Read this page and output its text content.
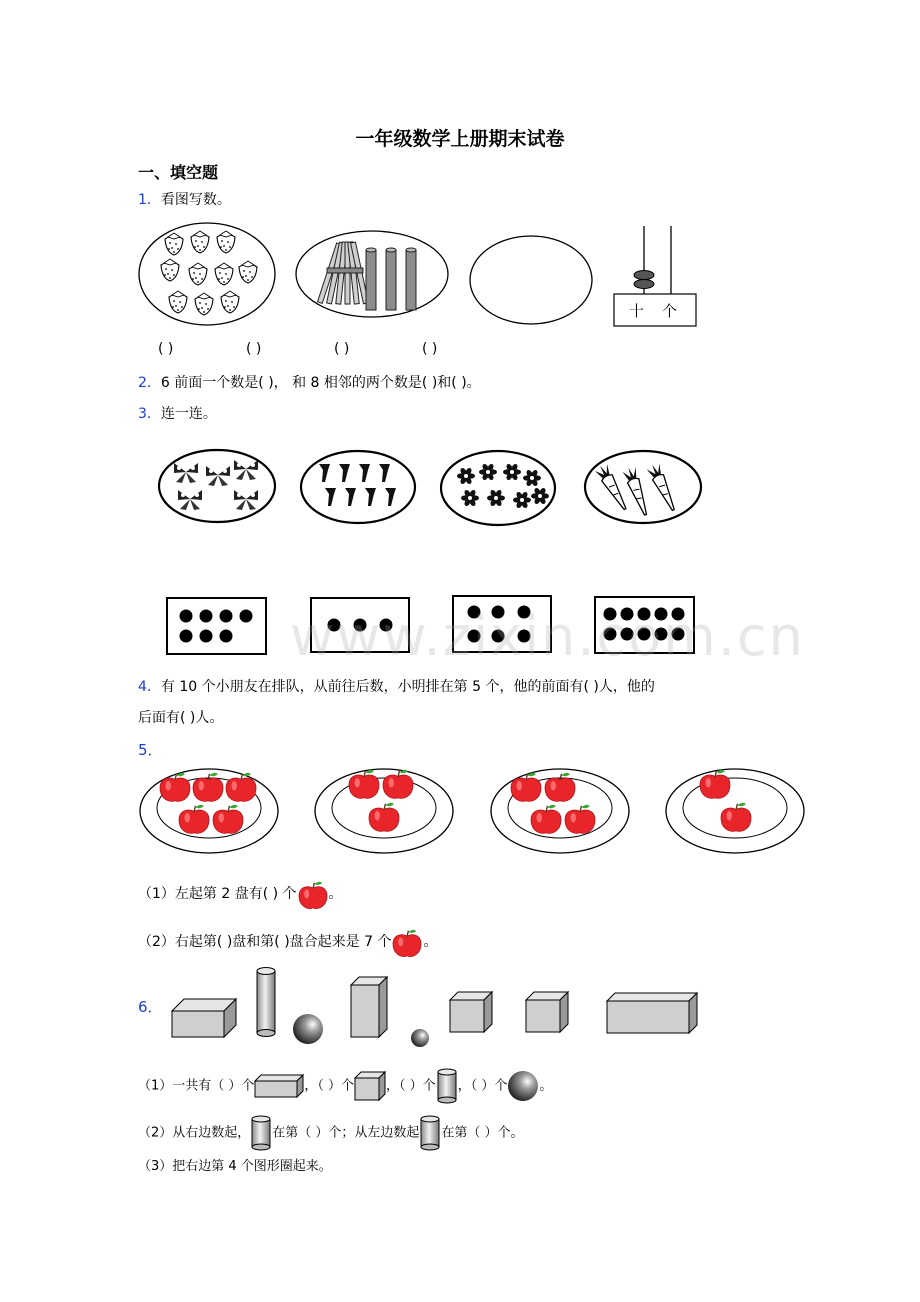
一年级数学上册期末试卷
一、填空题
1．看图写数。
十 个
( )	( )	( )	( )
2．6 前面一个数是( )， 和 8 相邻的两个数是( )和( )。
3．连一连。
www.zixin.com.cn
4．有 10 个小朋友在排队，从前往后数，小明排在第 5 个，他的前面有( )人，他的
后面有( )人。
5．
（1）左起第 2 盘有( ) 个 。
（2）右起第( )盘和第( )盘合起来是 7 个 。
6．
（1）一共有（ ）个	，（ ）个 ，（ ）个 ，（ ）个 。
（2）从右边数起， 在第（ ）个；从左边数起 在第（ ）个。
（3）把右边第 4 个图形圈起来。
